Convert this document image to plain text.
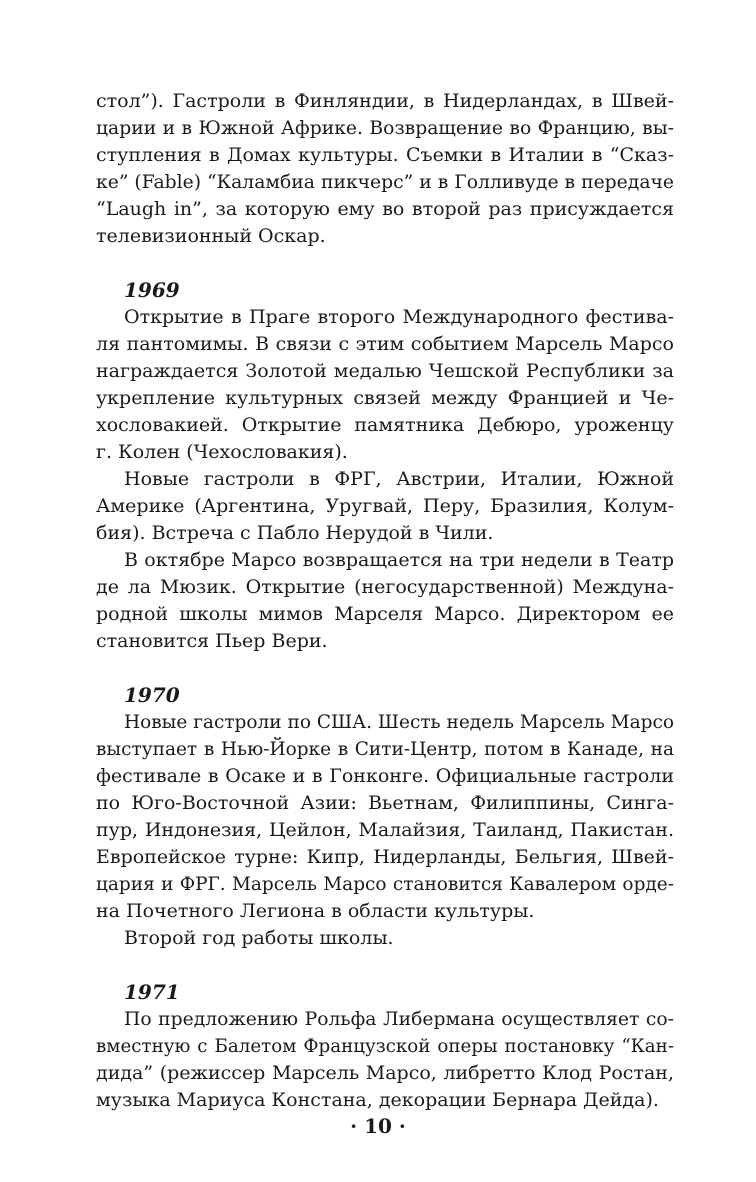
стол”). Гастроли в Финляндии, в Нидерландах, в Швей-
царии и в Южной Африке. Возвращение во Францию, вы-
ступления в Домах культуры. Съемки в Италии в “Сказ-
ке” (Fable) “Каламбиа пикчерс” и в Голливуде в передаче
“Laugh in”, за которую ему во второй раз присуждается
телевизионный Оскар.
1969
Открытие в Праге второго Международного фестива-
ля пантомимы. В связи с этим событием Марсель Марсо
награждается Золотой медалью Чешской Республики за
укрепление культурных связей между Францией и Че-
хословакией. Открытие памятника Дебюро, уроженцу
г. Колен (Чехословакия).
Новые гастроли в ФРГ, Австрии, Италии, Южной
Америке (Аргентина, Уругвай, Перу, Бразилия, Колум-
бия). Встреча с Пабло Нерудой в Чили.
В октябре Марсо возвращается на три недели в Театр
де ла Мюзик. Открытие (негосударственной) Междуна-
родной школы мимов Марселя Марсо. Директором ее
становится Пьер Вери.
1970
Новые гастроли по США. Шесть недель Марсель Марсо
выступает в Нью-Йорке в Сити-Центр, потом в Канаде, на
фестивале в Осаке и в Гонконге. Официальные гастроли
по Юго-Восточной Азии: Вьетнам, Филиппины, Синга-
пур, Индонезия, Цейлон, Малайзия, Таиланд, Пакистан.
Европейское турне: Кипр, Нидерланды, Бельгия, Швей-
цария и ФРГ. Марсель Марсо становится Кавалером орде-
на Почетного Легиона в области культуры.
Второй год работы школы.
1971
По предложению Рольфа Либермана осуществляет со-
вместную с Балетом Французской оперы постановку “Кан-
дида” (режиссер Марсель Марсо, либретто Клод Ростан,
музыка Мариуса Констана, декорации Бернара Дейда).
· 10 ·
